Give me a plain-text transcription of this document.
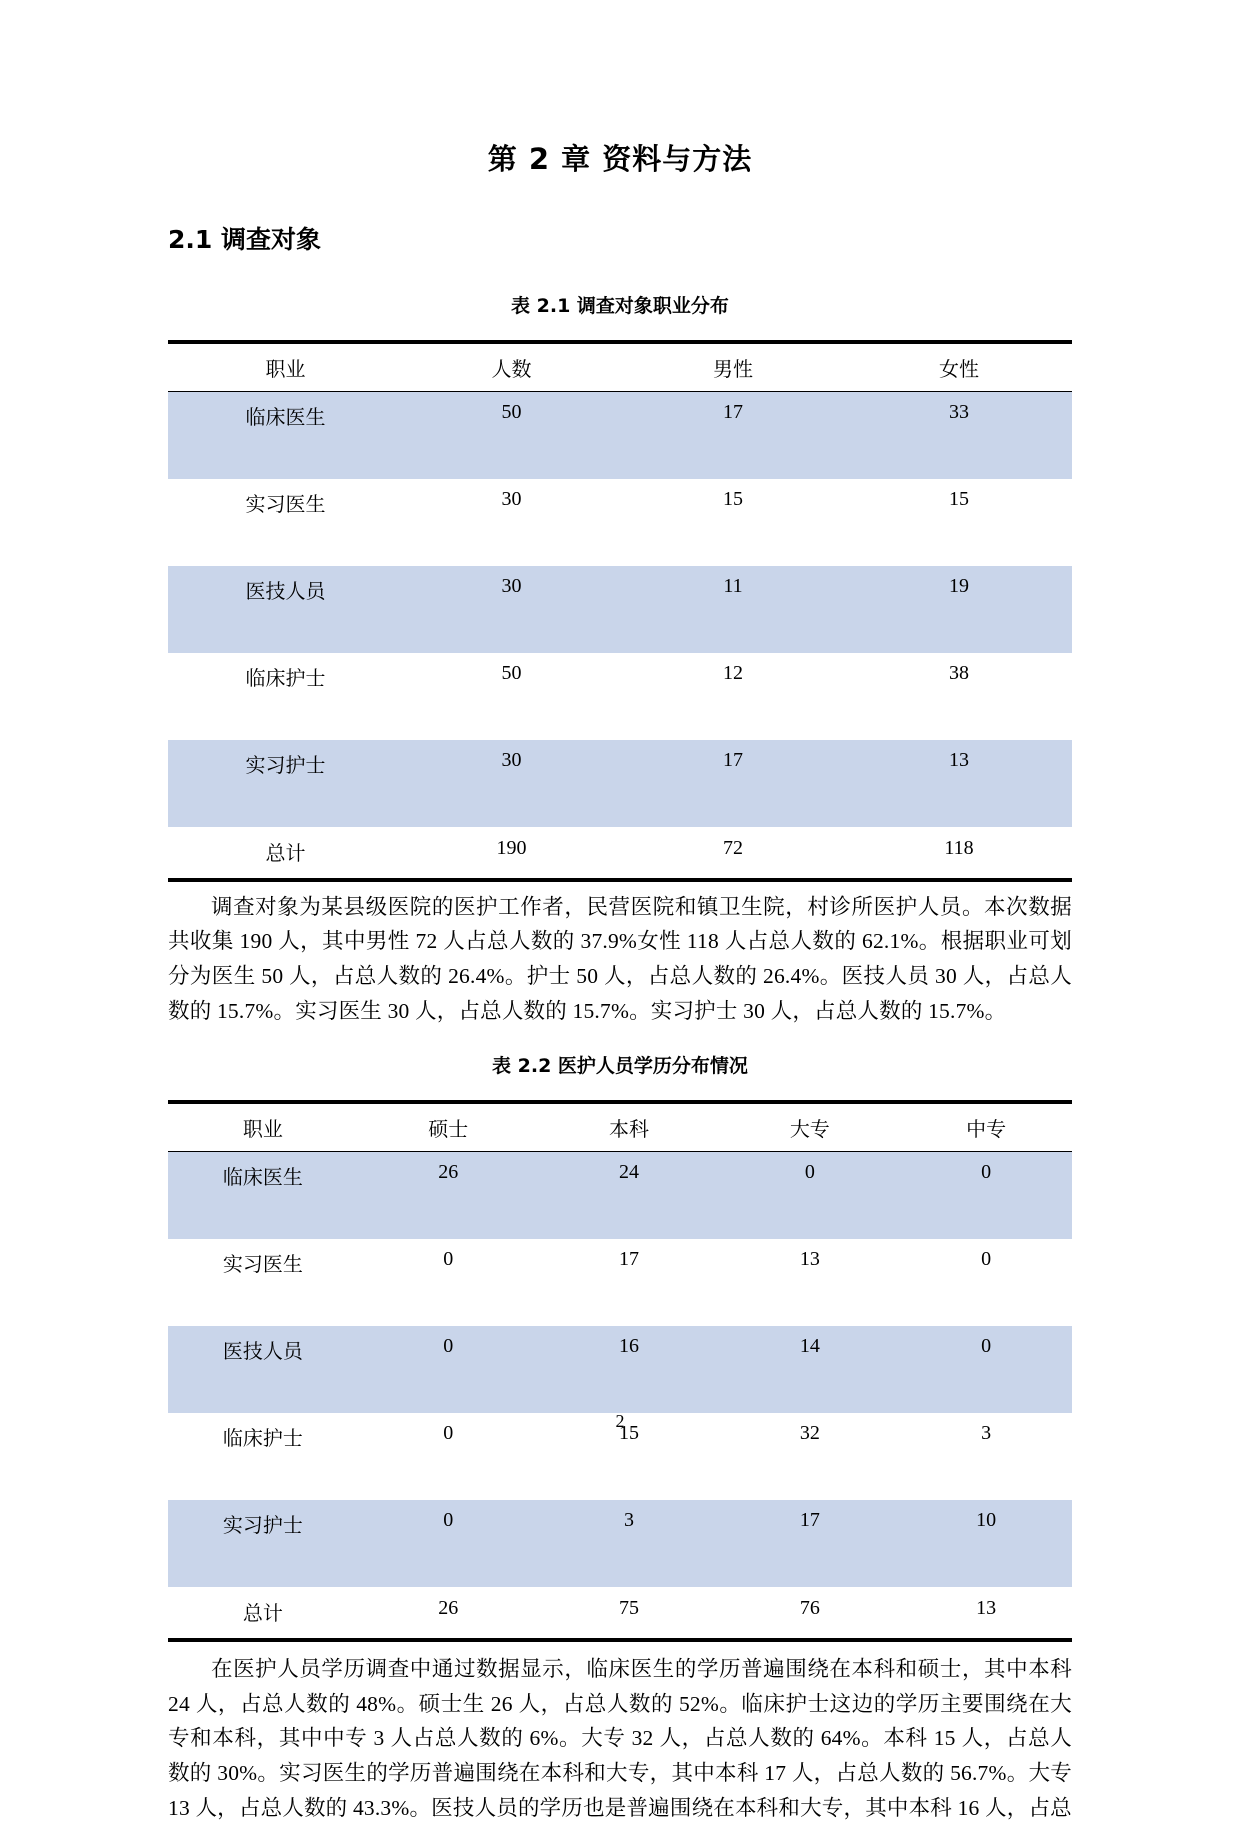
第 2 章 资料与方法
2.1 调查对象
表 2.1 调查对象职业分布
职业	人数	男性	女性
临床医生	50	17	33
实习医生	30	15	15
医技人员	30	11	19
临床护士	50	12	38
实习护士	30	17	13
总计	190	72	118

调查对象为某县级医院的医护工作者，民营医院和镇卫生院，村诊所医护人员。本次数据共收集 190 人，其中男性 72 人占总人数的 37.9%女性 118 人占总人数的 62.1%。根据职业可划分为医生 50 人，占总人数的 26.4%。护士 50 人，占总人数的 26.4%。医技人员 30 人，占总人数的 15.7%。实习医生 30 人，占总人数的 15.7%。实习护士 30 人，占总人数的 15.7%。

表 2.2 医护人员学历分布情况
职业	硕士	本科	大专	中专
临床医生	26	24	0	0
实习医生	0	17	13	0
医技人员	0	16	14	0
临床护士	0	15	32	3
实习护士	0	3	17	10
总计	26	75	76	13

在医护人员学历调查中通过数据显示，临床医生的学历普遍围绕在本科和硕士，其中本科 24 人，占总人数的 48%。硕士生 26 人，占总人数的 52%。临床护士这边的学历主要围绕在大专和本科，其中中专 3 人占总人数的 6%。大专 32 人，占总人数的 64%。本科 15 人，占总人数的 30%。实习医生的学历普遍围绕在本科和大专，其中本科 17 人，占总人数的 56.7%。大专 13 人，占总人数的 43.3%。医技人员的学历也是普遍围绕在本科和大专，其中本科 16 人，占总

2
